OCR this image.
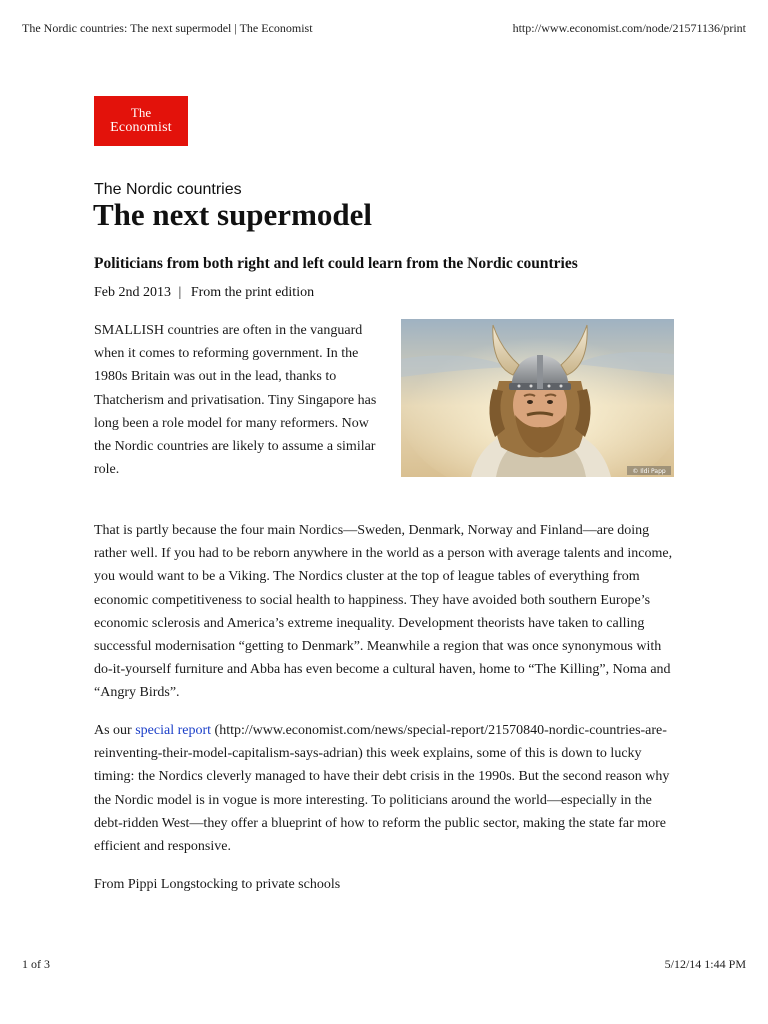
The Nordic countries: The next supermodel | The Economist	http://www.economist.com/node/21571136/print
The
Economist
The Nordic countries
The next supermodel
Politicians from both right and left could learn from the Nordic countries
Feb 2nd 2013 | From the print edition
© Ildi Papp
SMALLISH countries are often in the vanguard when it comes to reforming government. In the 1980s Britain was out in the lead, thanks to Thatcherism and privatisation. Tiny Singapore has long been a role model for many reformers. Now the Nordic countries are likely to assume a similar role.
That is partly because the four main Nordics—Sweden, Denmark, Norway and Finland—are doing rather well. If you had to be reborn anywhere in the world as a person with average talents and income, you would want to be a Viking. The Nordics cluster at the top of league tables of everything from economic competitiveness to social health to happiness. They have avoided both southern Europe’s economic sclerosis and America’s extreme inequality. Development theorists have taken to calling successful modernisation “getting to Denmark”. Meanwhile a region that was once synonymous with do-it-yourself furniture and Abba has even become a cultural haven, home to “The Killing”, Noma and “Angry Birds”.
As our special report (http://www.economist.com/news/special-report/21570840-nordic-countries-are-reinventing-their-model-capitalism-says-adrian) this week explains, some of this is down to lucky timing: the Nordics cleverly managed to have their debt crisis in the 1990s. But the second reason why the Nordic model is in vogue is more interesting. To politicians around the world—especially in the debt-ridden West—they offer a blueprint of how to reform the public sector, making the state far more efficient and responsive.
From Pippi Longstocking to private schools
1 of 3	5/12/14 1:44 PM
